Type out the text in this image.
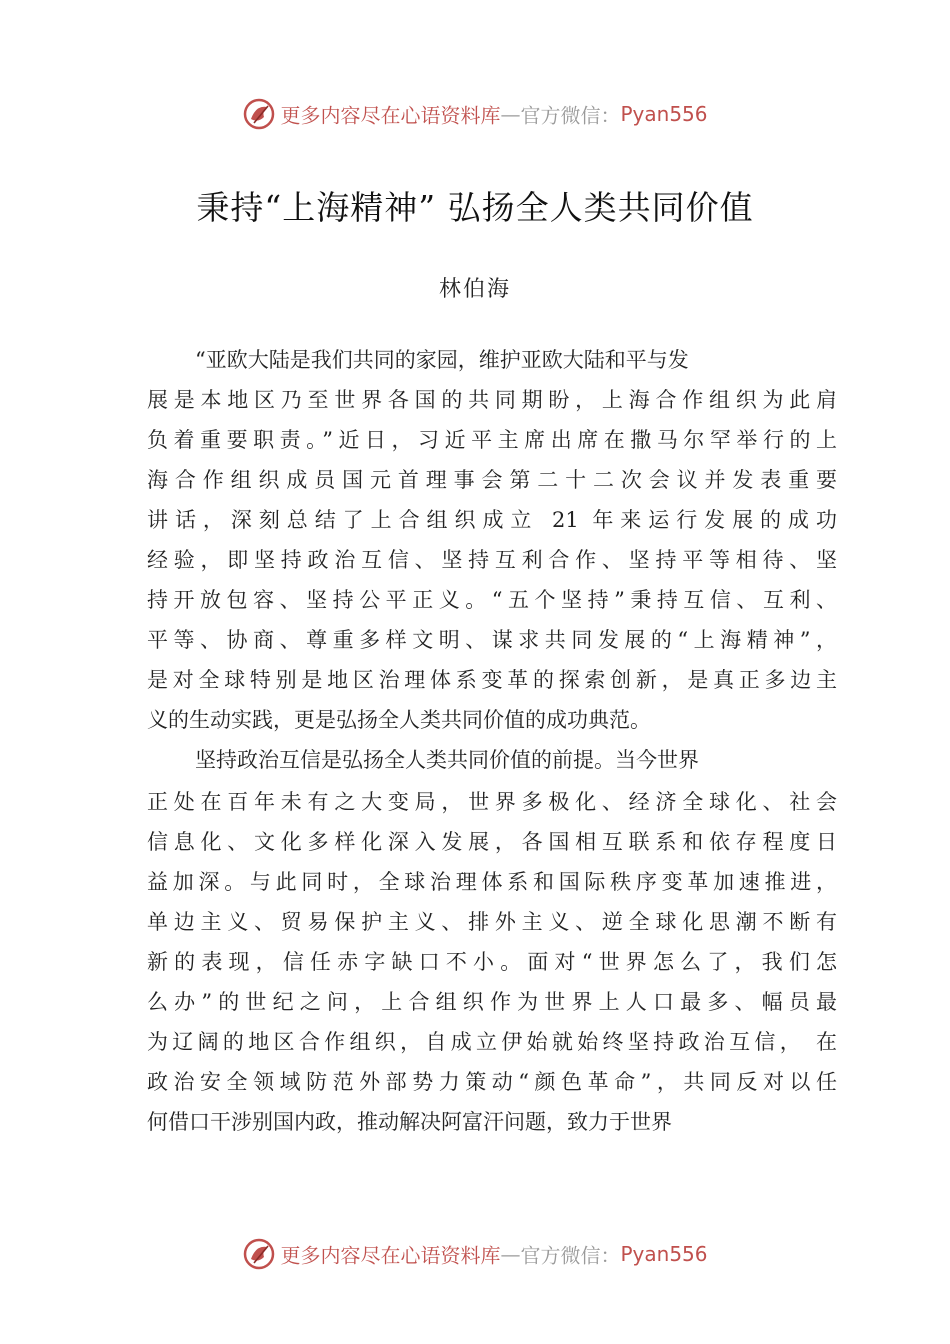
更多内容尽在心语资料库—官方微信：Pyan556
秉持“上海精神” 弘扬全人类共同价值
林伯海
“亚欧大陆是我们共同的家园，维护亚欧大陆和平与发
展是本地区乃至世界各国的共同期盼，上海合作组织为此肩
负着重要职责。”近日，习近平主席出席在撒马尔罕举行的上
海合作组织成员国元首理事会第二十二次会议并发表重要
讲话，深刻总结了上合组织成立 21 年来运行发展的成功
经验，即坚持政治互信、坚持互利合作、坚持平等相待、坚
持开放包容、坚持公平正义。“五个坚持”秉持互信、互利、
平等、协商、尊重多样文明、谋求共同发展的“上海精神”，
是对全球特别是地区治理体系变革的探索创新，是真正多边主
义的生动实践，更是弘扬全人类共同价值的成功典范。
坚持政治互信是弘扬全人类共同价值的前提。当今世界
正处在百年未有之大变局，世界多极化、经济全球化、社会
信息化、文化多样化深入发展，各国相互联系和依存程度日
益加深。与此同时，全球治理体系和国际秩序变革加速推进，
单边主义、贸易保护主义、排外主义、逆全球化思潮不断有
新的表现，信任赤字缺口不小。面对“世界怎么了，我们怎
么办”的世纪之问，上合组织作为世界上人口最多、幅员最
为辽阔的地区合作组织，自成立伊始就始终坚持政治互信， 在
政治安全领域防范外部势力策动“颜色革命”，共同反对以任
何借口干涉别国内政，推动解决阿富汗问题，致力于世界
更多内容尽在心语资料库—官方微信：Pyan556
